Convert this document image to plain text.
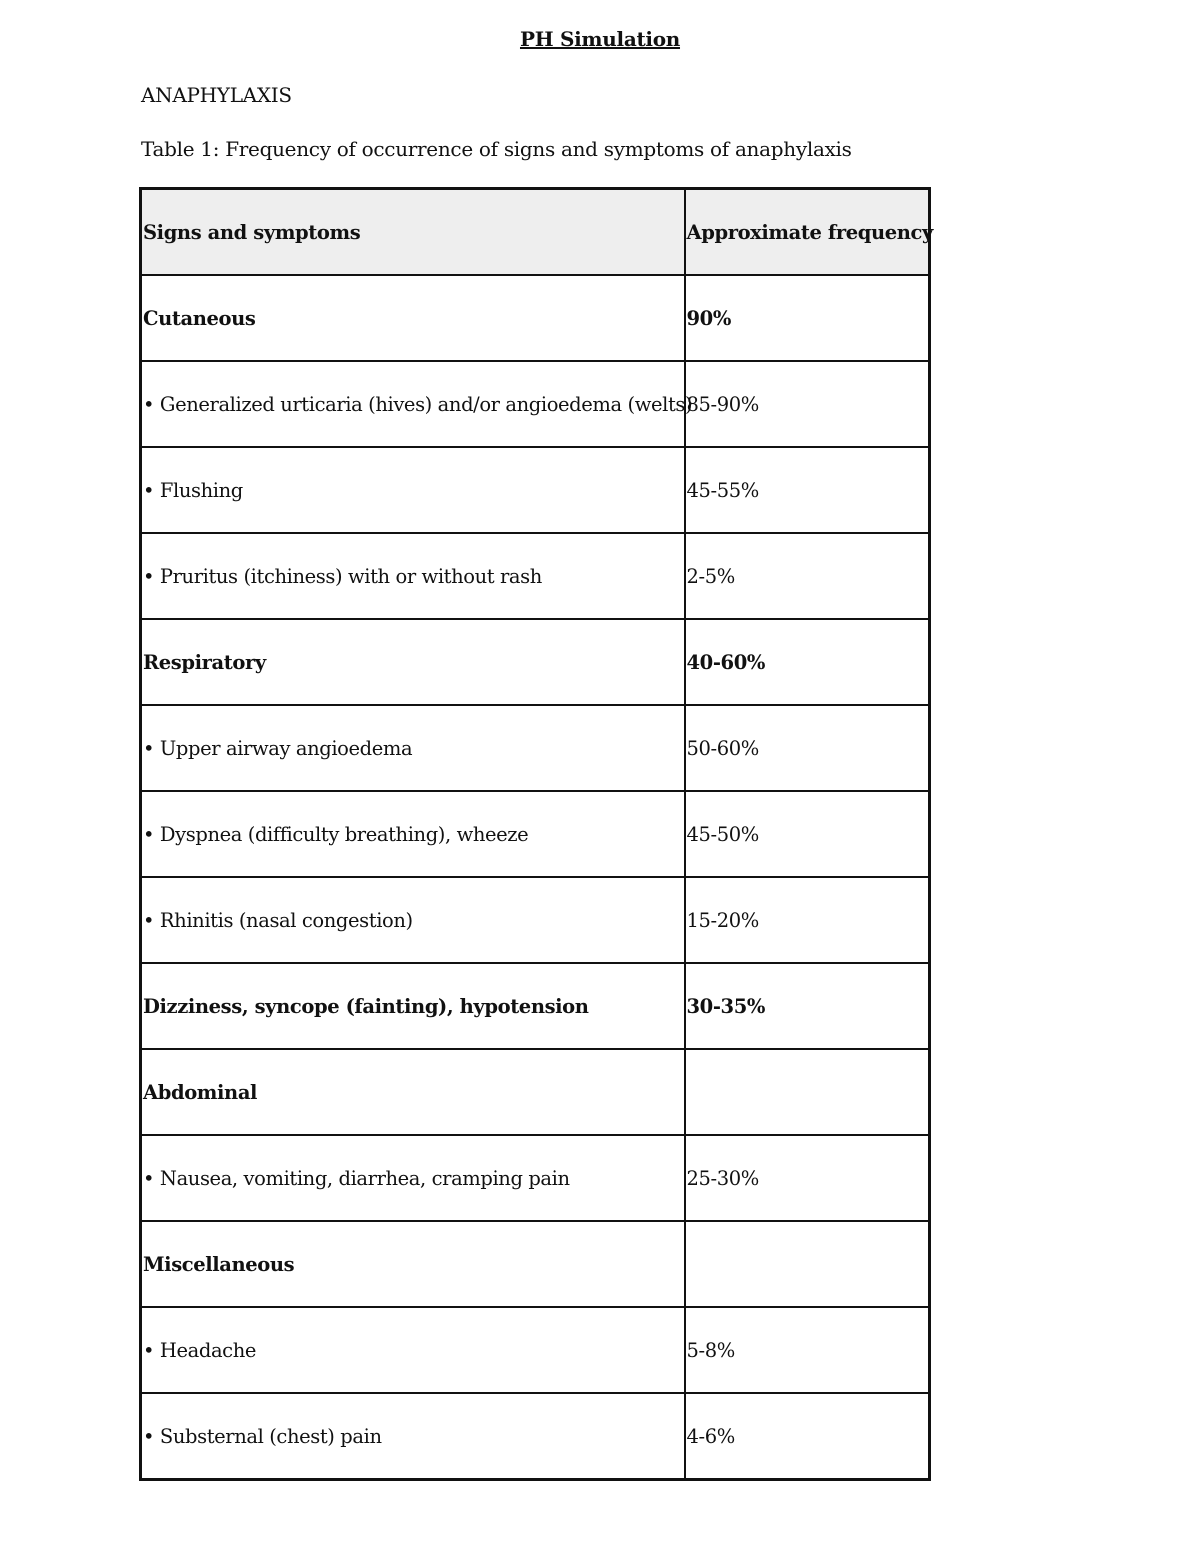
PH Simulation
ANAPHYLAXIS
Table 1: Frequency of occurrence of signs and symptoms of anaphylaxis
Signs and symptoms	Approximate frequency
Cutaneous	90%
• Generalized urticaria (hives) and/or angioedema (welts)	85-90%
• Flushing	45-55%
• Pruritus (itchiness) with or without rash	2-5%
Respiratory	40-60%
• Upper airway angioedema	50-60%
• Dyspnea (difficulty breathing), wheeze	45-50%
• Rhinitis (nasal congestion)	15-20%
Dizziness, syncope (fainting), hypotension	30-35%
Abdominal	
• Nausea, vomiting, diarrhea, cramping pain	25-30%
Miscellaneous	
• Headache	5-8%
• Substernal (chest) pain	4-6%
